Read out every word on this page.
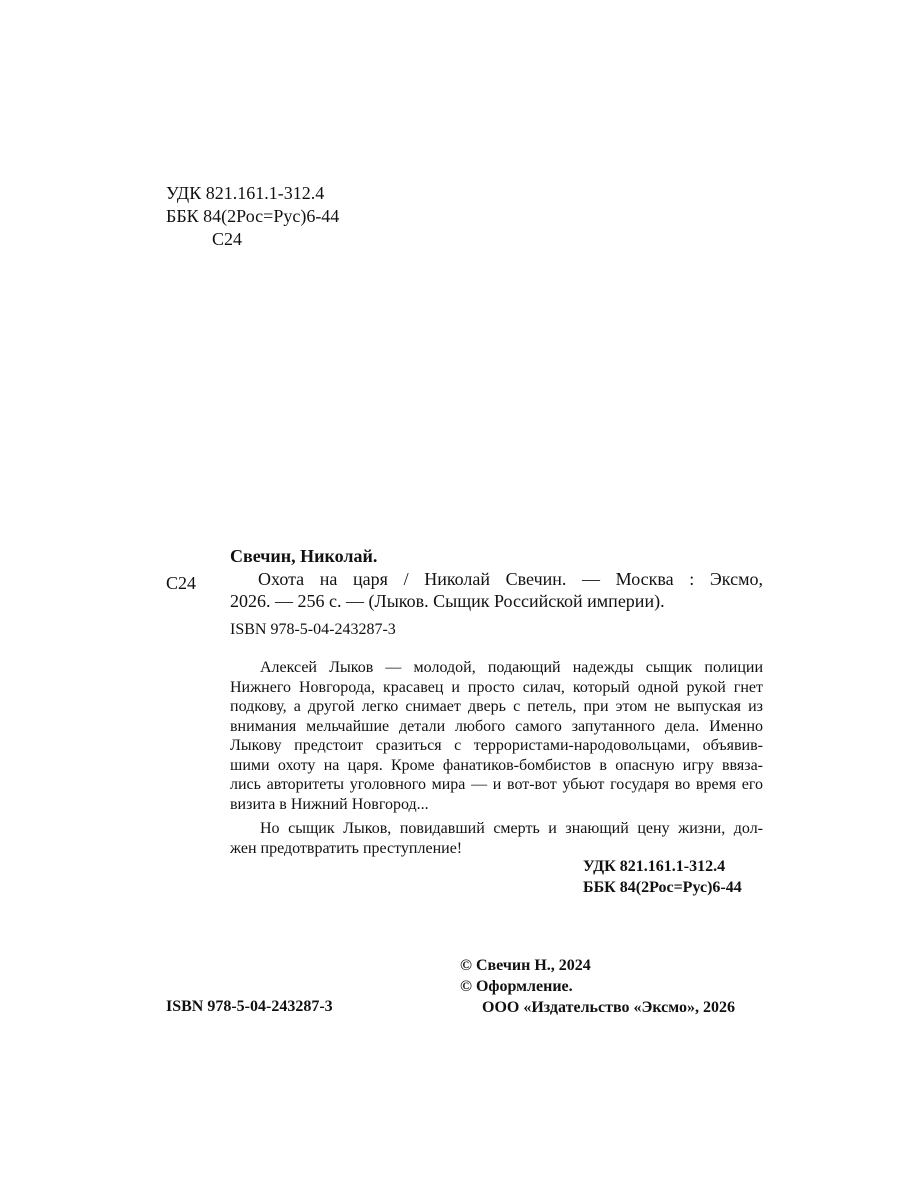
УДК 821.161.1-312.4
ББК 84(2Рос=Рус)6-44
С24
Свечин, Николай.
С24	Охота на царя / Николай Свечин. — Москва : Эксмо,
2026. — 256 с. — (Лыков. Сыщик Российской империи).
ISBN 978-5-04-243287-3
Алексей Лыков — молодой, подающий надежды сыщик полиции
Нижнего Новгорода, красавец и просто силач, который одной рукой гнет
подкову, а другой легко снимает дверь с петель, при этом не выпуская из
внимания мельчайшие детали любого самого запутанного дела. Именно
Лыкову предстоит сразиться с террористами-народовольцами, объявив-
шими охоту на царя. Кроме фанатиков-бомбистов в опасную игру ввяза-
лись авторитеты уголовного мира — и вот-вот убьют государя во время его
визита в Нижний Новгород...
Но сыщик Лыков, повидавший смерть и знающий цену жизни, дол-
жен предотвратить преступление!
УДК 821.161.1-312.4
ББК 84(2Рос=Рус)6-44
© Свечин Н., 2024
© Оформление.
ООО «Издательство «Эксмо», 2026
ISBN 978-5-04-243287-3
